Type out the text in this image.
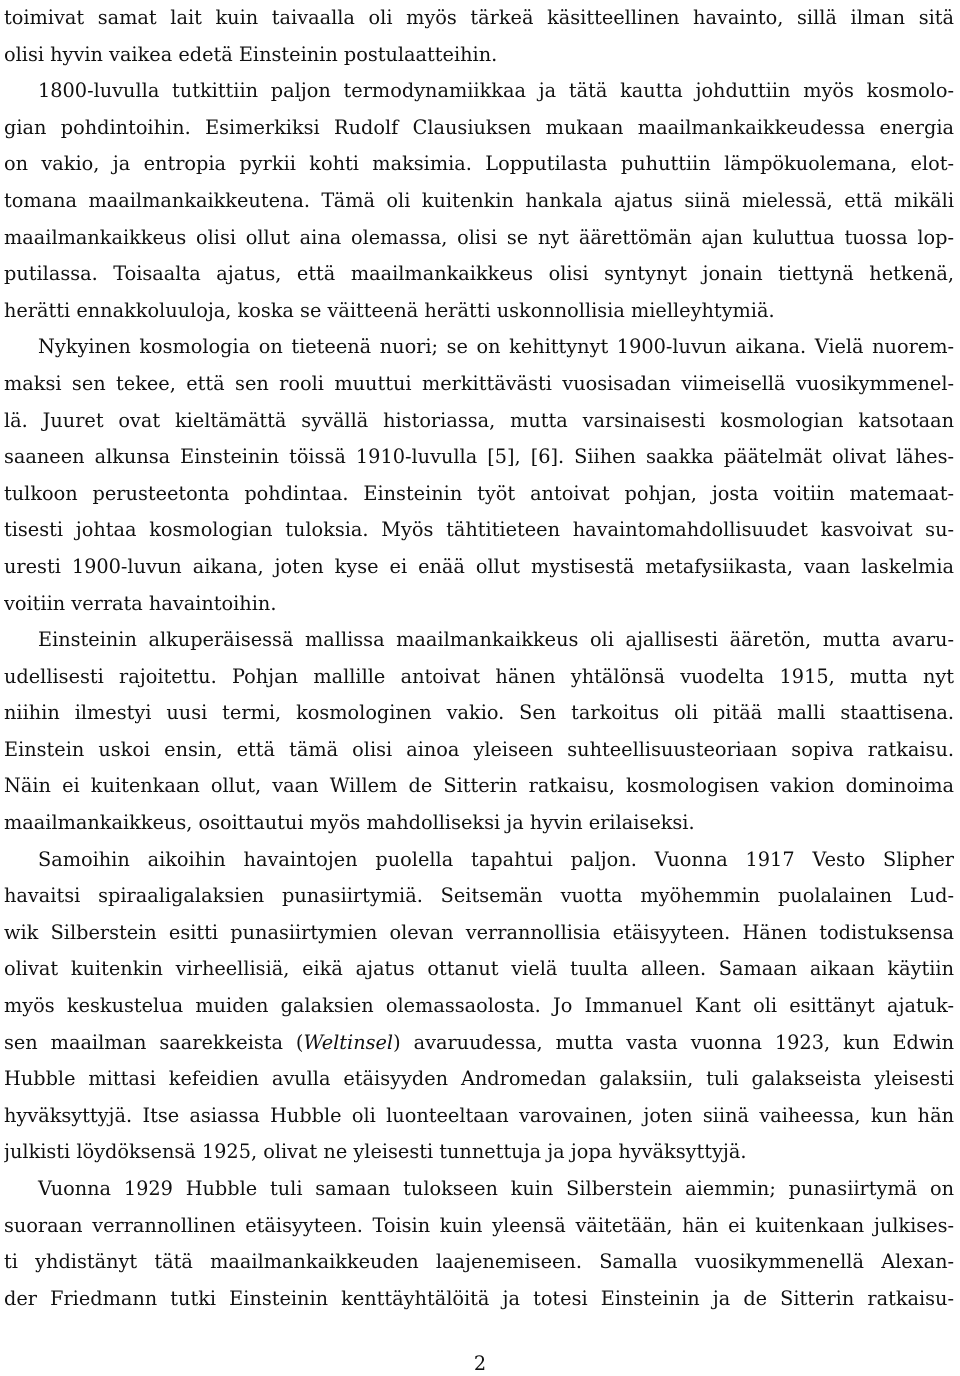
toimivat samat lait kuin taivaalla oli myös tärkeä käsitteellinen havainto, sillä ilman sitä
olisi hyvin vaikea edetä Einsteinin postulaatteihin.
1800-luvulla tutkittiin paljon termodynamiikkaa ja tätä kautta johduttiin myös kosmolo-
gian pohdintoihin. Esimerkiksi Rudolf Clausiuksen mukaan maailmankaikkeudessa energia
on vakio, ja entropia pyrkii kohti maksimia. Lopputilasta puhuttiin lämpökuolemana, elot-
tomana maailmankaikkeutena. Tämä oli kuitenkin hankala ajatus siinä mielessä, että mikäli
maailmankaikkeus olisi ollut aina olemassa, olisi se nyt äärettömän ajan kuluttua tuossa lop-
putilassa. Toisaalta ajatus, että maailmankaikkeus olisi syntynyt jonain tiettynä hetkenä,
herätti ennakkoluuloja, koska se väitteenä herätti uskonnollisia mielleyhtymiä.
Nykyinen kosmologia on tieteenä nuori; se on kehittynyt 1900-luvun aikana. Vielä nuorem-
maksi sen tekee, että sen rooli muuttui merkittävästi vuosisadan viimeisellä vuosikymmenel-
lä. Juuret ovat kieltämättä syvällä historiassa, mutta varsinaisesti kosmologian katsotaan
saaneen alkunsa Einsteinin töissä 1910-luvulla [5], [6]. Siihen saakka päätelmät olivat lähes-
tulkoon perusteetonta pohdintaa. Einsteinin työt antoivat pohjan, josta voitiin matemaat-
tisesti johtaa kosmologian tuloksia. Myös tähtitieteen havaintomahdollisuudet kasvoivat su-
uresti 1900-luvun aikana, joten kyse ei enää ollut mystisestä metafysiikasta, vaan laskelmia
voitiin verrata havaintoihin.
Einsteinin alkuperäisessä mallissa maailmankaikkeus oli ajallisesti ääretön, mutta avaru-
udellisesti rajoitettu. Pohjan mallille antoivat hänen yhtälönsä vuodelta 1915, mutta nyt
niihin ilmestyi uusi termi, kosmologinen vakio. Sen tarkoitus oli pitää malli staattisena.
Einstein uskoi ensin, että tämä olisi ainoa yleiseen suhteellisuusteoriaan sopiva ratkaisu.
Näin ei kuitenkaan ollut, vaan Willem de Sitterin ratkaisu, kosmologisen vakion dominoima
maailmankaikkeus, osoittautui myös mahdolliseksi ja hyvin erilaiseksi.
Samoihin aikoihin havaintojen puolella tapahtui paljon. Vuonna 1917 Vesto Slipher
havaitsi spiraaligalaksien punasiirtymiä. Seitsemän vuotta myöhemmin puolalainen Lud-
wik Silberstein esitti punasiirtymien olevan verrannollisia etäisyyteen. Hänen todistuksensa
olivat kuitenkin virheellisiä, eikä ajatus ottanut vielä tuulta alleen. Samaan aikaan käytiin
myös keskustelua muiden galaksien olemassaolosta. Jo Immanuel Kant oli esittänyt ajatuk-
sen maailman saarekkeista (Weltinsel) avaruudessa, mutta vasta vuonna 1923, kun Edwin
Hubble mittasi kefeidien avulla etäisyyden Andromedan galaksiin, tuli galakseista yleisesti
hyväksyttyjä. Itse asiassa Hubble oli luonteeltaan varovainen, joten siinä vaiheessa, kun hän
julkisti löydöksensä 1925, olivat ne yleisesti tunnettuja ja jopa hyväksyttyjä.
Vuonna 1929 Hubble tuli samaan tulokseen kuin Silberstein aiemmin; punasiirtymä on
suoraan verrannollinen etäisyyteen. Toisin kuin yleensä väitetään, hän ei kuitenkaan julkises-
ti yhdistänyt tätä maailmankaikkeuden laajenemiseen. Samalla vuosikymmenellä Alexan-
der Friedmann tutki Einsteinin kenttäyhtälöitä ja totesi Einsteinin ja de Sitterin ratkaisu-
2
